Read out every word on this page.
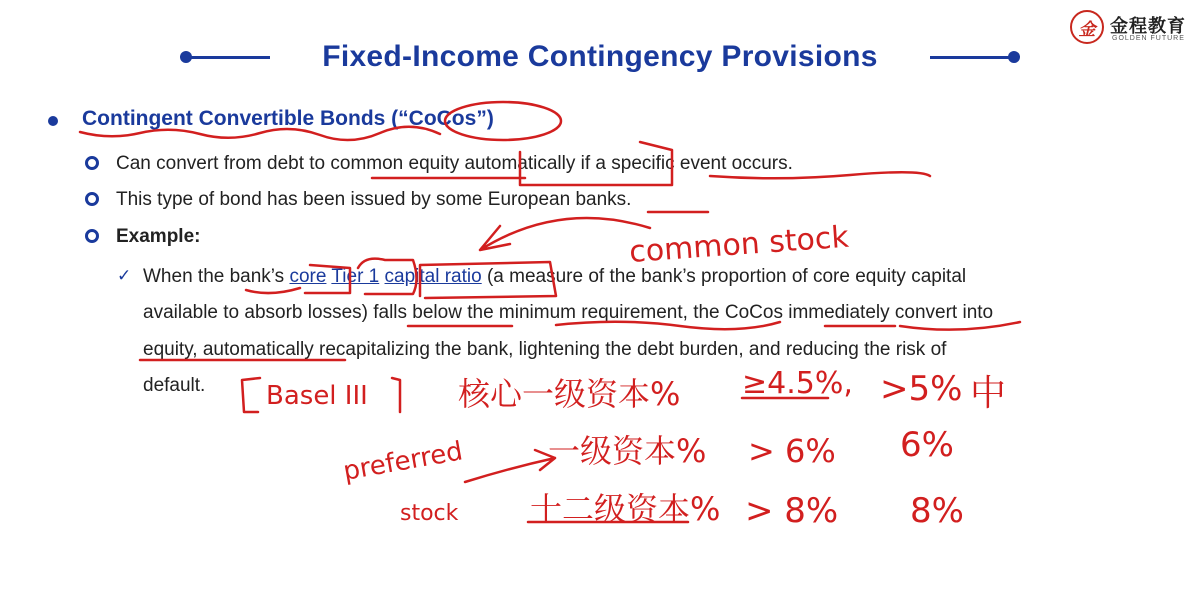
金 金程教育
GOLDEN FUTURE
Fixed-Income Contingency Provisions
Contingent Convertible Bonds (“CoCos”)
Can convert from debt to common equity automatically if a specific event occurs.
This type of bond has been issued by some European banks.
Example:
✓ When the bank’s core Tier 1 capital ratio (a measure of the bank’s proportion of core equity capital
available to absorb losses) falls below the minimum requirement, the CoCos immediately convert into
equity, automatically recapitalizing the bank, lightening the debt burden, and reducing the risk of
default.
common stock
Basel III
preferred
stock
核心一级资本% ≥4.5%, >5% 中
一级资本% > 6% 6%
十二级资本% > 8% 8%
